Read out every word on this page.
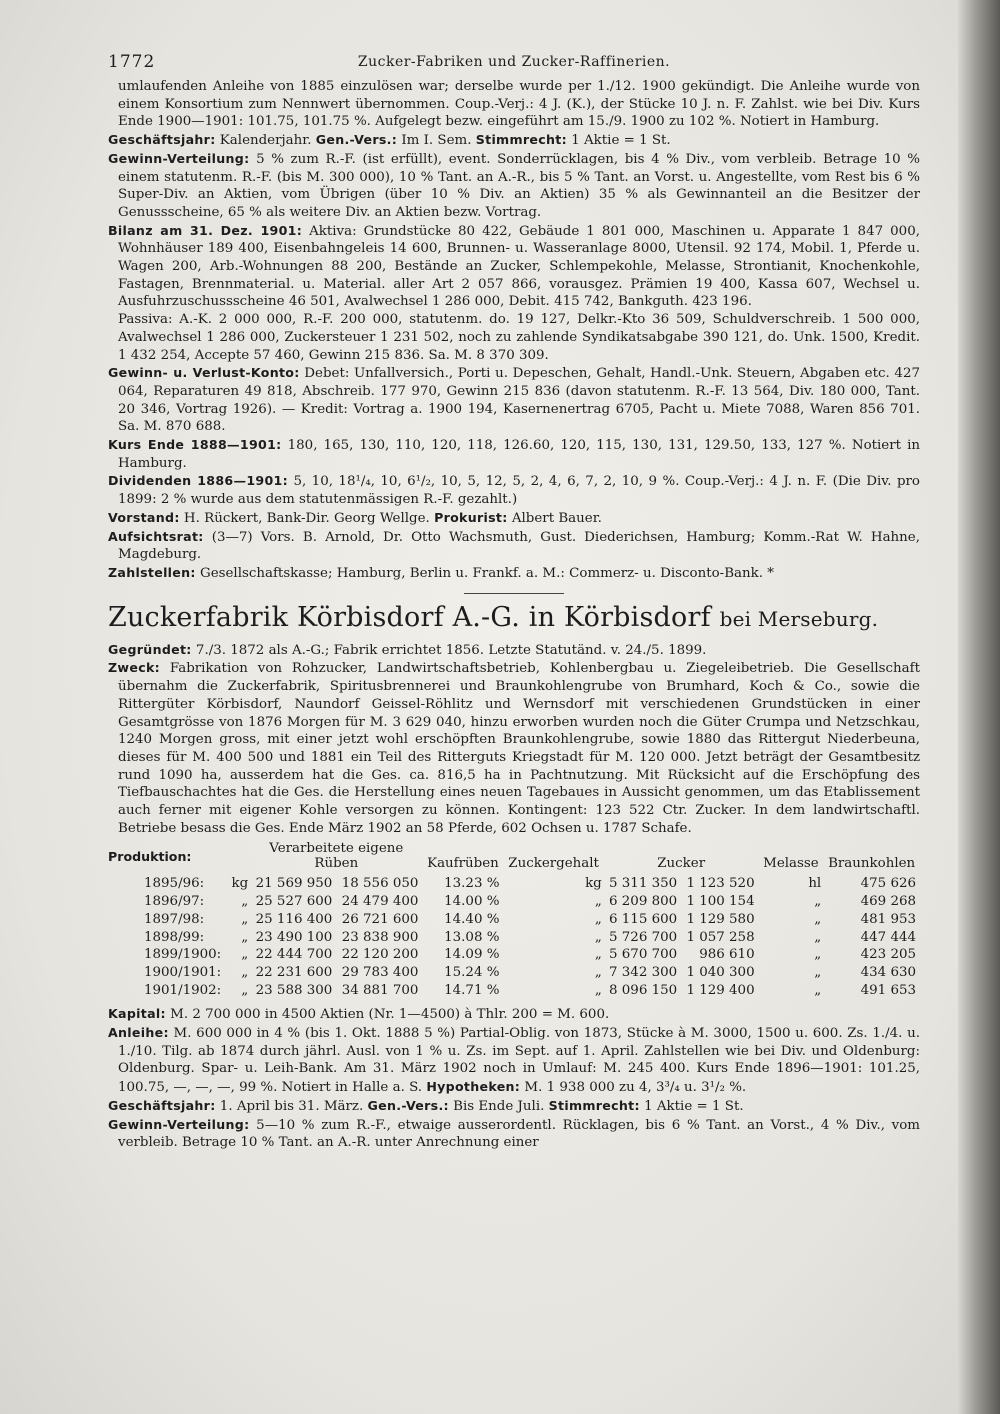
1772	Zucker-Fabriken und Zucker-Raffinerien.

umlaufenden Anleihe von 1885 einzulösen war; derselbe wurde per 1./12. 1900 gekündigt. Die Anleihe wurde von einem Konsortium zum Nennwert übernommen. Coup.-Verj.: 4 J. (K.), der Stücke 10 J. n. F. Zahlst. wie bei Div. Kurs Ende 1900—1901: 101.75, 101.75 %. Aufgelegt bezw. eingeführt am 15./9. 1900 zu 102 %. Notiert in Hamburg.

Geschäftsjahr: Kalenderjahr. Gen.-Vers.: Im I. Sem. Stimmrecht: 1 Aktie = 1 St.

Gewinn-Verteilung: 5 % zum R.-F. (ist erfüllt), event. Sonderrücklagen, bis 4 % Div., vom verbleib. Betrage 10 % einem statutenm. R.-F. (bis M. 300 000), 10 % Tant. an A.-R., bis 5 % Tant. an Vorst. u. Angestellte, vom Rest bis 6 % Super-Div. an Aktien, vom Übrigen (über 10 % Div. an Aktien) 35 % als Gewinnanteil an die Besitzer der Genussscheine, 65 % als weitere Div. an Aktien bezw. Vortrag.

Bilanz am 31. Dez. 1901: Aktiva: Grundstücke 80 422, Gebäude 1 801 000, Maschinen u. Apparate 1 847 000, Wohnhäuser 189 400, Eisenbahngeleis 14 600, Brunnen- u. Wasseranlage 8000, Utensil. 92 174, Mobil. 1, Pferde u. Wagen 200, Arb.-Wohnungen 88 200, Bestände an Zucker, Schlempekohle, Melasse, Strontianit, Knochenkohle, Fastagen, Brennmaterial. u. Material. aller Art 2 057 866, vorausgez. Prämien 19 400, Kassa 607, Wechsel u. Ausfuhrzuschussscheine 46 501, Avalwechsel 1 286 000, Debit. 415 742, Bankguth. 423 196.

Passiva: A.-K. 2 000 000, R.-F. 200 000, statutenm. do. 19 127, Delkr.-Kto 36 509, Schuldverschreib. 1 500 000, Avalwechsel 1 286 000, Zuckersteuer 1 231 502, noch zu zahlende Syndikatsabgabe 390 121, do. Unk. 1500, Kredit. 1 432 254, Accepte 57 460, Gewinn 215 836. Sa. M. 8 370 309.

Gewinn- u. Verlust-Konto: Debet: Unfallversich., Porti u. Depeschen, Gehalt, Handl.-Unk. Steuern, Abgaben etc. 427 064, Reparaturen 49 818, Abschreib. 177 970, Gewinn 215 836 (davon statutenm. R.-F. 13 564, Div. 180 000, Tant. 20 346, Vortrag 1926). — Kredit: Vortrag a. 1900 194, Kasernenertrag 6705, Pacht u. Miete 7088, Waren 856 701. Sa. M. 870 688.

Kurs Ende 1888—1901: 180, 165, 130, 110, 120, 118, 126.60, 120, 115, 130, 131, 129.50, 133, 127 %. Notiert in Hamburg.

Dividenden 1886—1901: 5, 10, 18¹/₄, 10, 6¹/₂, 10, 5, 12, 5, 2, 4, 6, 7, 2, 10, 9 %. Coup.-Verj.: 4 J. n. F. (Die Div. pro 1899: 2 % wurde aus dem statutenmässigen R.-F. gezahlt.)

Vorstand: H. Rückert, Bank-Dir. Georg Wellge. Prokurist: Albert Bauer.

Aufsichtsrat: (3—7) Vors. B. Arnold, Dr. Otto Wachsmuth, Gust. Diederichsen, Hamburg; Komm.-Rat W. Hahne, Magdeburg.

Zahlstellen: Gesellschaftskasse; Hamburg, Berlin u. Frankf. a. M.: Commerz- u. Disconto-Bank. *

Zuckerfabrik Körbisdorf A.-G. in Körbisdorf bei Merseburg.

Gegründet: 7./3. 1872 als A.-G.; Fabrik errichtet 1856. Letzte Statutänd. v. 24./5. 1899.

Zweck: Fabrikation von Rohzucker, Landwirtschaftsbetrieb, Kohlenbergbau u. Ziegeleibetrieb. Die Gesellschaft übernahm die Zuckerfabrik, Spiritusbrennerei und Braunkohlengrube von Brumhard, Koch & Co., sowie die Rittergüter Körbisdorf, Naundorf Geissel-Röhlitz und Wernsdorf mit verschiedenen Grundstücken in einer Gesamtgrösse von 1876 Morgen für M. 3 629 040, hinzu erworben wurden noch die Güter Crumpa und Netzschkau, 1240 Morgen gross, mit einer jetzt wohl erschöpften Braunkohlengrube, sowie 1880 das Rittergut Niederbeuna, dieses für M. 400 500 und 1881 ein Teil des Ritterguts Kriegstadt für M. 120 000. Jetzt beträgt der Gesamtbesitz rund 1090 ha, ausserdem hat die Ges. ca. 816,5 ha in Pachtnutzung. Mit Rücksicht auf die Erschöpfung des Tiefbauschachtes hat die Ges. die Herstellung eines neuen Tagebaues in Aussicht genommen, um das Etablissement auch ferner mit eigener Kohle versorgen zu können. Kontingent: 123 522 Ctr. Zucker. In dem landwirtschaftl. Betriebe besass die Ges. Ende März 1902 an 58 Pferde, 602 Ochsen u. 1787 Schafe.

Produktion:		Verarbeitete eigene Rüben		Kaufrüben	Zuckergehalt	Zucker		Melasse	Braunkohlen
1895/96:	kg	21 569 950	18 556 050	13.23 %	kg	5 311 350	1 123 520	hl	475 626
1896/97:	„	25 527 600	24 479 400	14.00 %	„	6 209 800	1 100 154	„	469 268
1897/98:	„	25 116 400	26 721 600	14.40 %	„	6 115 600	1 129 580	„	481 953
1898/99:	„	23 490 100	23 838 900	13.08 %	„	5 726 700	1 057 258	„	447 444
1899/1900:	„	22 444 700	22 120 200	14.09 %	„	5 670 700	986 610	„	423 205
1900/1901:	„	22 231 600	29 783 400	15.24 %	„	7 342 300	1 040 300	„	434 630
1901/1902:	„	23 588 300	34 881 700	14.71 %	„	8 096 150	1 129 400	„	491 653

Kapital: M. 2 700 000 in 4500 Aktien (Nr. 1—4500) à Thlr. 200 = M. 600.

Anleihe: M. 600 000 in 4 % (bis 1. Okt. 1888 5 %) Partial-Oblig. von 1873, Stücke à M. 3000, 1500 u. 600. Zs. 1./4. u. 1./10. Tilg. ab 1874 durch jährl. Ausl. von 1 % u. Zs. im Sept. auf 1. April. Zahlstellen wie bei Div. und Oldenburg: Oldenburg. Spar- u. Leih-Bank. Am 31. März 1902 noch in Umlauf: M. 245 400. Kurs Ende 1896—1901: 101.25, 100.75, —, —, —, 99 %. Notiert in Halle a. S. Hypotheken: M. 1 938 000 zu 4, 3³/₄ u. 3¹/₂ %.

Geschäftsjahr: 1. April bis 31. März. Gen.-Vers.: Bis Ende Juli. Stimmrecht: 1 Aktie = 1 St.

Gewinn-Verteilung: 5—10 % zum R.-F., etwaige ausserordentl. Rücklagen, bis 6 % Tant. an Vorst., 4 % Div., vom verbleib. Betrage 10 % Tant. an A.-R. unter Anrechnung einer
